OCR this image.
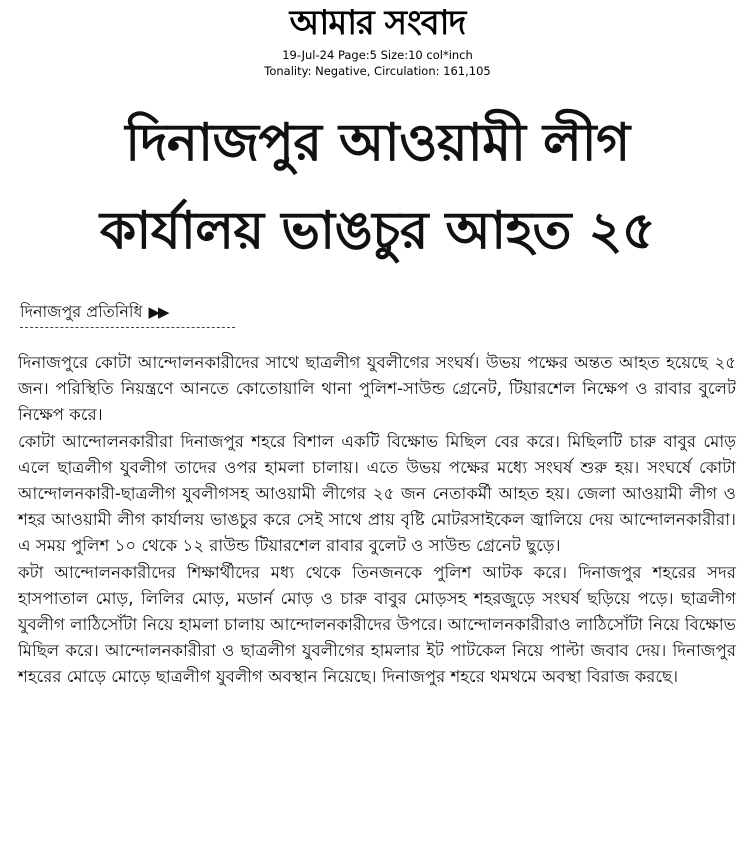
আমার সংবাদ
19-Jul-24 Page:5 Size:10 col*inch
Tonality: Negative, Circulation: 161,105
দিনাজপুর আওয়ামী লীগ
কার্যালয় ভাঙচুর আহত ২৫
দিনাজপুর প্রতিনিধি ▶▶

দিনাজপুরে কোটা আন্দোলনকারীদের সাথে ছাত্রলীগ যুবলীগের সংঘর্ষ। উভয় পক্ষের অন্তত আহত হয়েছে ২৫ জন। পরিস্থিতি নিয়ন্ত্রণে আনতে কোতোয়ালি থানা পুলিশ-সাউন্ড গ্রেনেট, টিয়ারশেল নিক্ষেপ ও রাবার বুলেট নিক্ষেপ করে।

কোটা আন্দোলনকারীরা দিনাজপুর শহরে বিশাল একটি বিক্ষোভ মিছিল বের করে। মিছিলটি চারু বাবুর মোড় এলে ছাত্রলীগ যুবলীগ তাদের ওপর হামলা চালায়। এতে উভয় পক্ষের মধ্যে সংঘর্ষ শুরু হয়। সংঘর্ষে কোটা আন্দোলনকারী-ছাত্রলীগ যুবলীগসহ আওয়ামী লীগের ২৫ জন নেতাকর্মী আহত হয়। জেলা আওয়ামী লীগ ও শহর আওয়ামী লীগ কার্যালয় ভাঙচুর করে সেই সাথে প্রায় বৃষ্টি মোটরসাইকেল জ্বালিয়ে দেয় আন্দোলনকারীরা। এ সময় পুলিশ ১০ থেকে ১২ রাউন্ড টিয়ারশেল রাবার বুলেট ও সাউন্ড গ্রেনেট ছুড়ে।

কটা আন্দোলনকারীদের শিক্ষার্থীদের মধ্য থেকে তিনজনকে পুলিশ আটক করে। দিনাজপুর শহরের সদর হাসপাতাল মোড়, লিলির মোড়, মডার্ন মোড় ও চারু বাবুর মোড়সহ শহরজুড়ে সংঘর্ষ ছড়িয়ে পড়ে। ছাত্রলীগ যুবলীগ লাঠিসোঁটা নিয়ে হামলা চালায় আন্দোলনকারীদের উপরে। আন্দোলনকারীরাও লাঠিসোঁটা নিয়ে বিক্ষোভ মিছিল করে। আন্দোলনকারীরা ও ছাত্রলীগ যুবলীগের হামলার ইট পাটকেল নিয়ে পাল্টা জবাব দেয়। দিনাজপুর শহরের মোড়ে মোড়ে ছাত্রলীগ যুবলীগ অবস্থান নিয়েছে। দিনাজপুর শহরে থমথমে অবস্থা বিরাজ করছে।
